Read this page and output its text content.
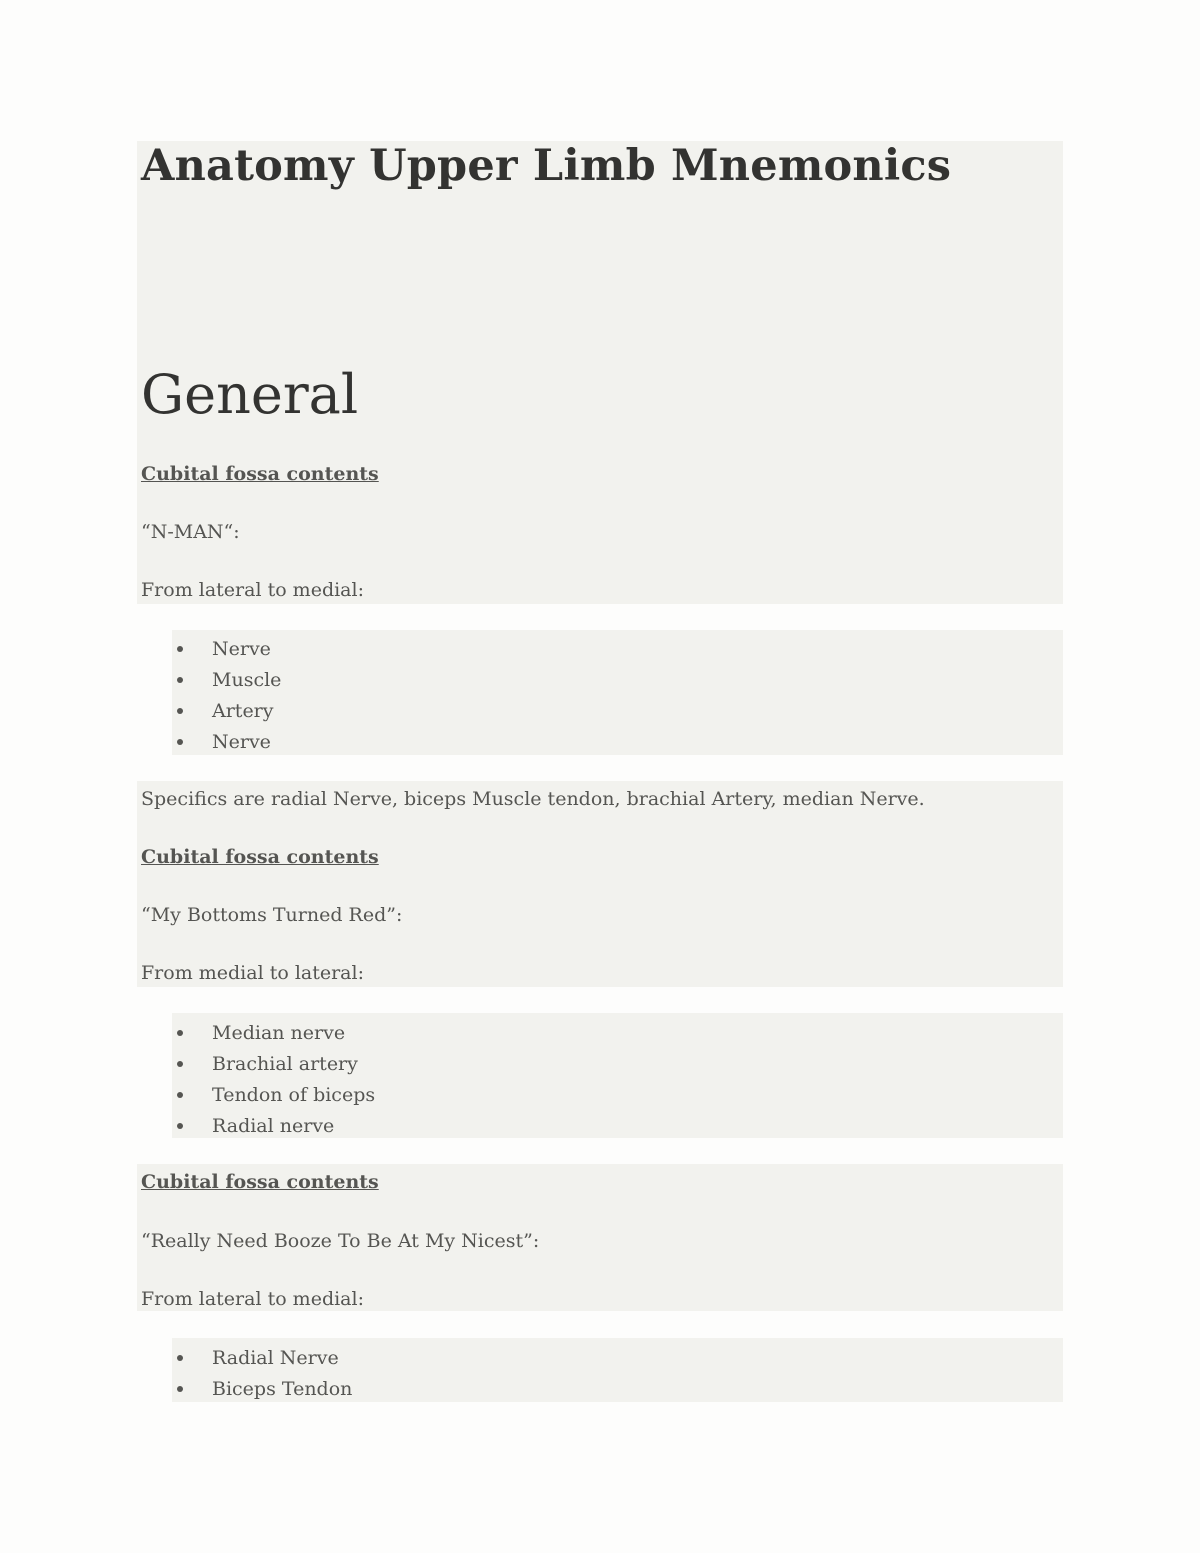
Anatomy Upper Limb Mnemonics
General
Cubital fossa contents

“N-MAN“:

From lateral to medial:

Nerve
Muscle
Artery
Nerve

Specifics are radial Nerve, biceps Muscle tendon, brachial Artery, median Nerve.

Cubital fossa contents

“My Bottoms Turned Red”:

From medial to lateral:

Median nerve
Brachial artery
Tendon of biceps
Radial nerve
Cubital fossa contents

“Really Need Booze To Be At My Nicest”:

From lateral to medial:

Radial Nerve
Biceps Tendon
